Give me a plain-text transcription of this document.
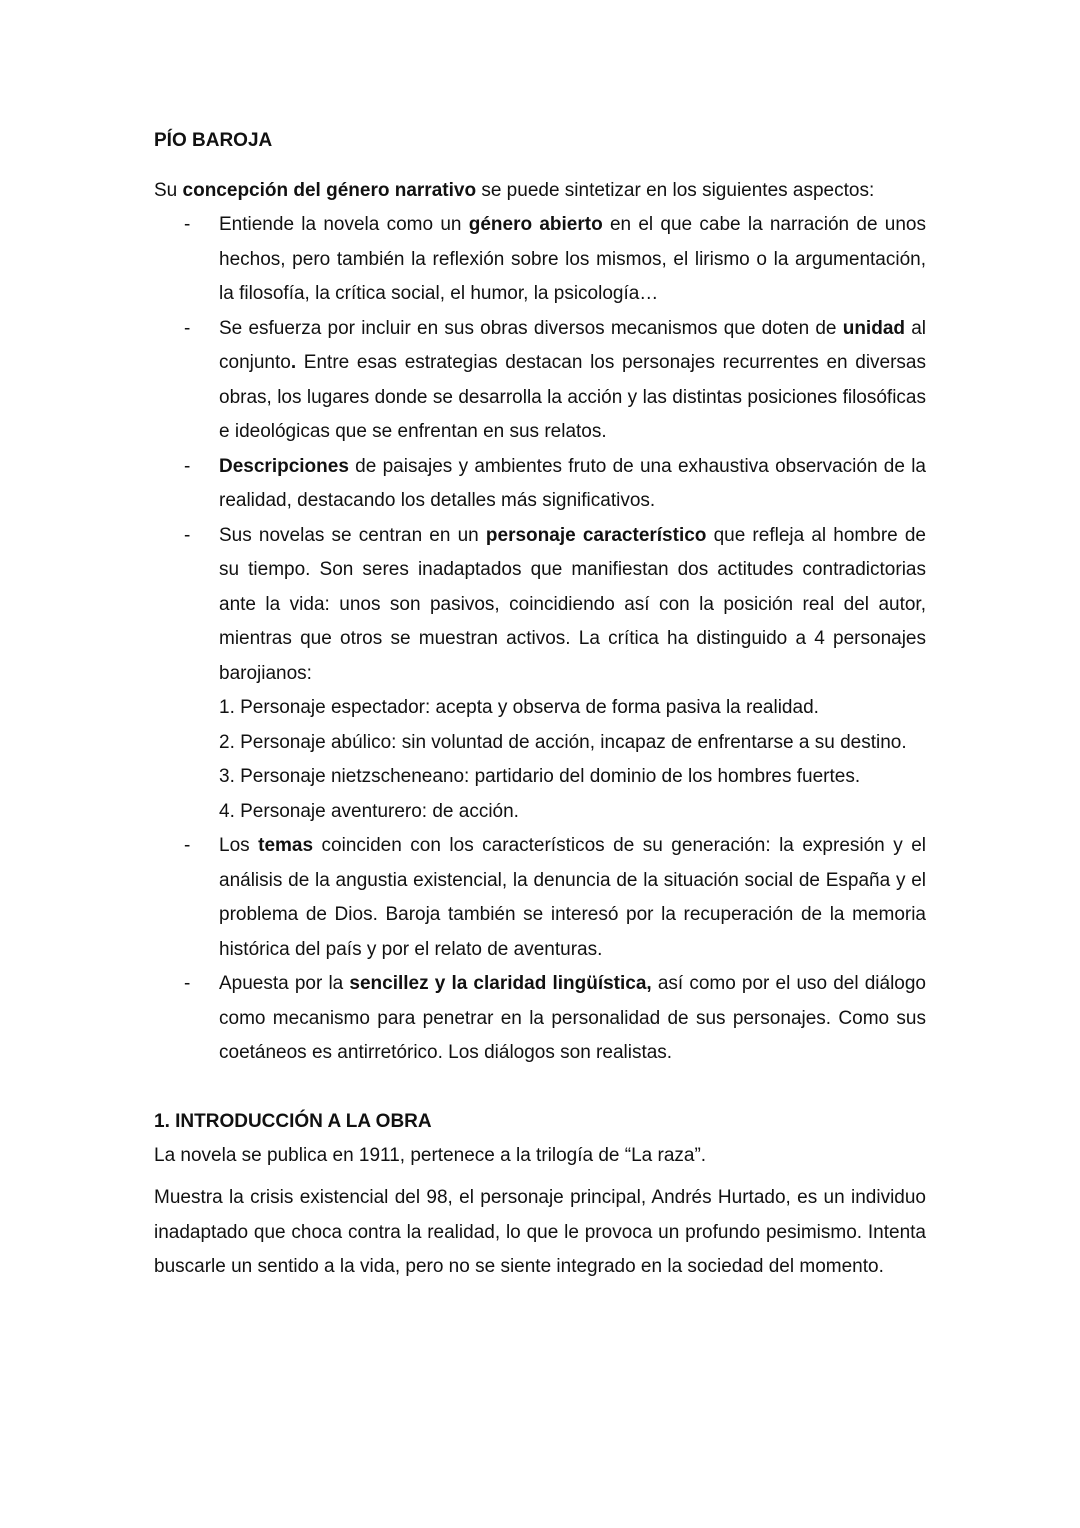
PÍO BAROJA

Su concepción del género narrativo se puede sintetizar en los siguientes aspectos:

- Entiende la novela como un género abierto en el que cabe la narración de unos hechos, pero también la reflexión sobre los mismos, el lirismo o la argumentación, la filosofía, la crítica social, el humor, la psicología…
- Se esfuerza por incluir en sus obras diversos mecanismos que doten de unidad al conjunto. Entre esas estrategias destacan los personajes recurrentes en diversas obras, los lugares donde se desarrolla la acción y las distintas posiciones filosóficas e ideológicas que se enfrentan en sus relatos.
- Descripciones de paisajes y ambientes fruto de una exhaustiva observación de la realidad, destacando los detalles más significativos.
- Sus novelas se centran en un personaje característico que refleja al hombre de su tiempo. Son seres inadaptados que manifiestan dos actitudes contradictorias ante la vida: unos son pasivos, coincidiendo así con la posición real del autor, mientras que otros se muestran activos. La crítica ha distinguido a 4 personajes barojianos:
1. Personaje espectador: acepta y observa de forma pasiva la realidad.
2. Personaje abúlico: sin voluntad de acción, incapaz de enfrentarse a su destino.
3. Personaje nietzscheneano: partidario del dominio de los hombres fuertes.
4. Personaje aventurero: de acción.
- Los temas coinciden con los característicos de su generación: la expresión y el análisis de la angustia existencial, la denuncia de la situación social de España y el problema de Dios. Baroja también se interesó por la recuperación de la memoria histórica del país y por el relato de aventuras.
- Apuesta por la sencillez y la claridad lingüística, así como por el uso del diálogo como mecanismo para penetrar en la personalidad de sus personajes. Como sus coetáneos es antirretórico. Los diálogos son realistas.
1. INTRODUCCIÓN A LA OBRA

La novela se publica en 1911, pertenece a la trilogía de “La raza”.

Muestra la crisis existencial del 98, el personaje principal, Andrés Hurtado, es un individuo inadaptado que choca contra la realidad, lo que le provoca un profundo pesimismo. Intenta buscarle un sentido a la vida, pero no se siente integrado en la sociedad del momento.
